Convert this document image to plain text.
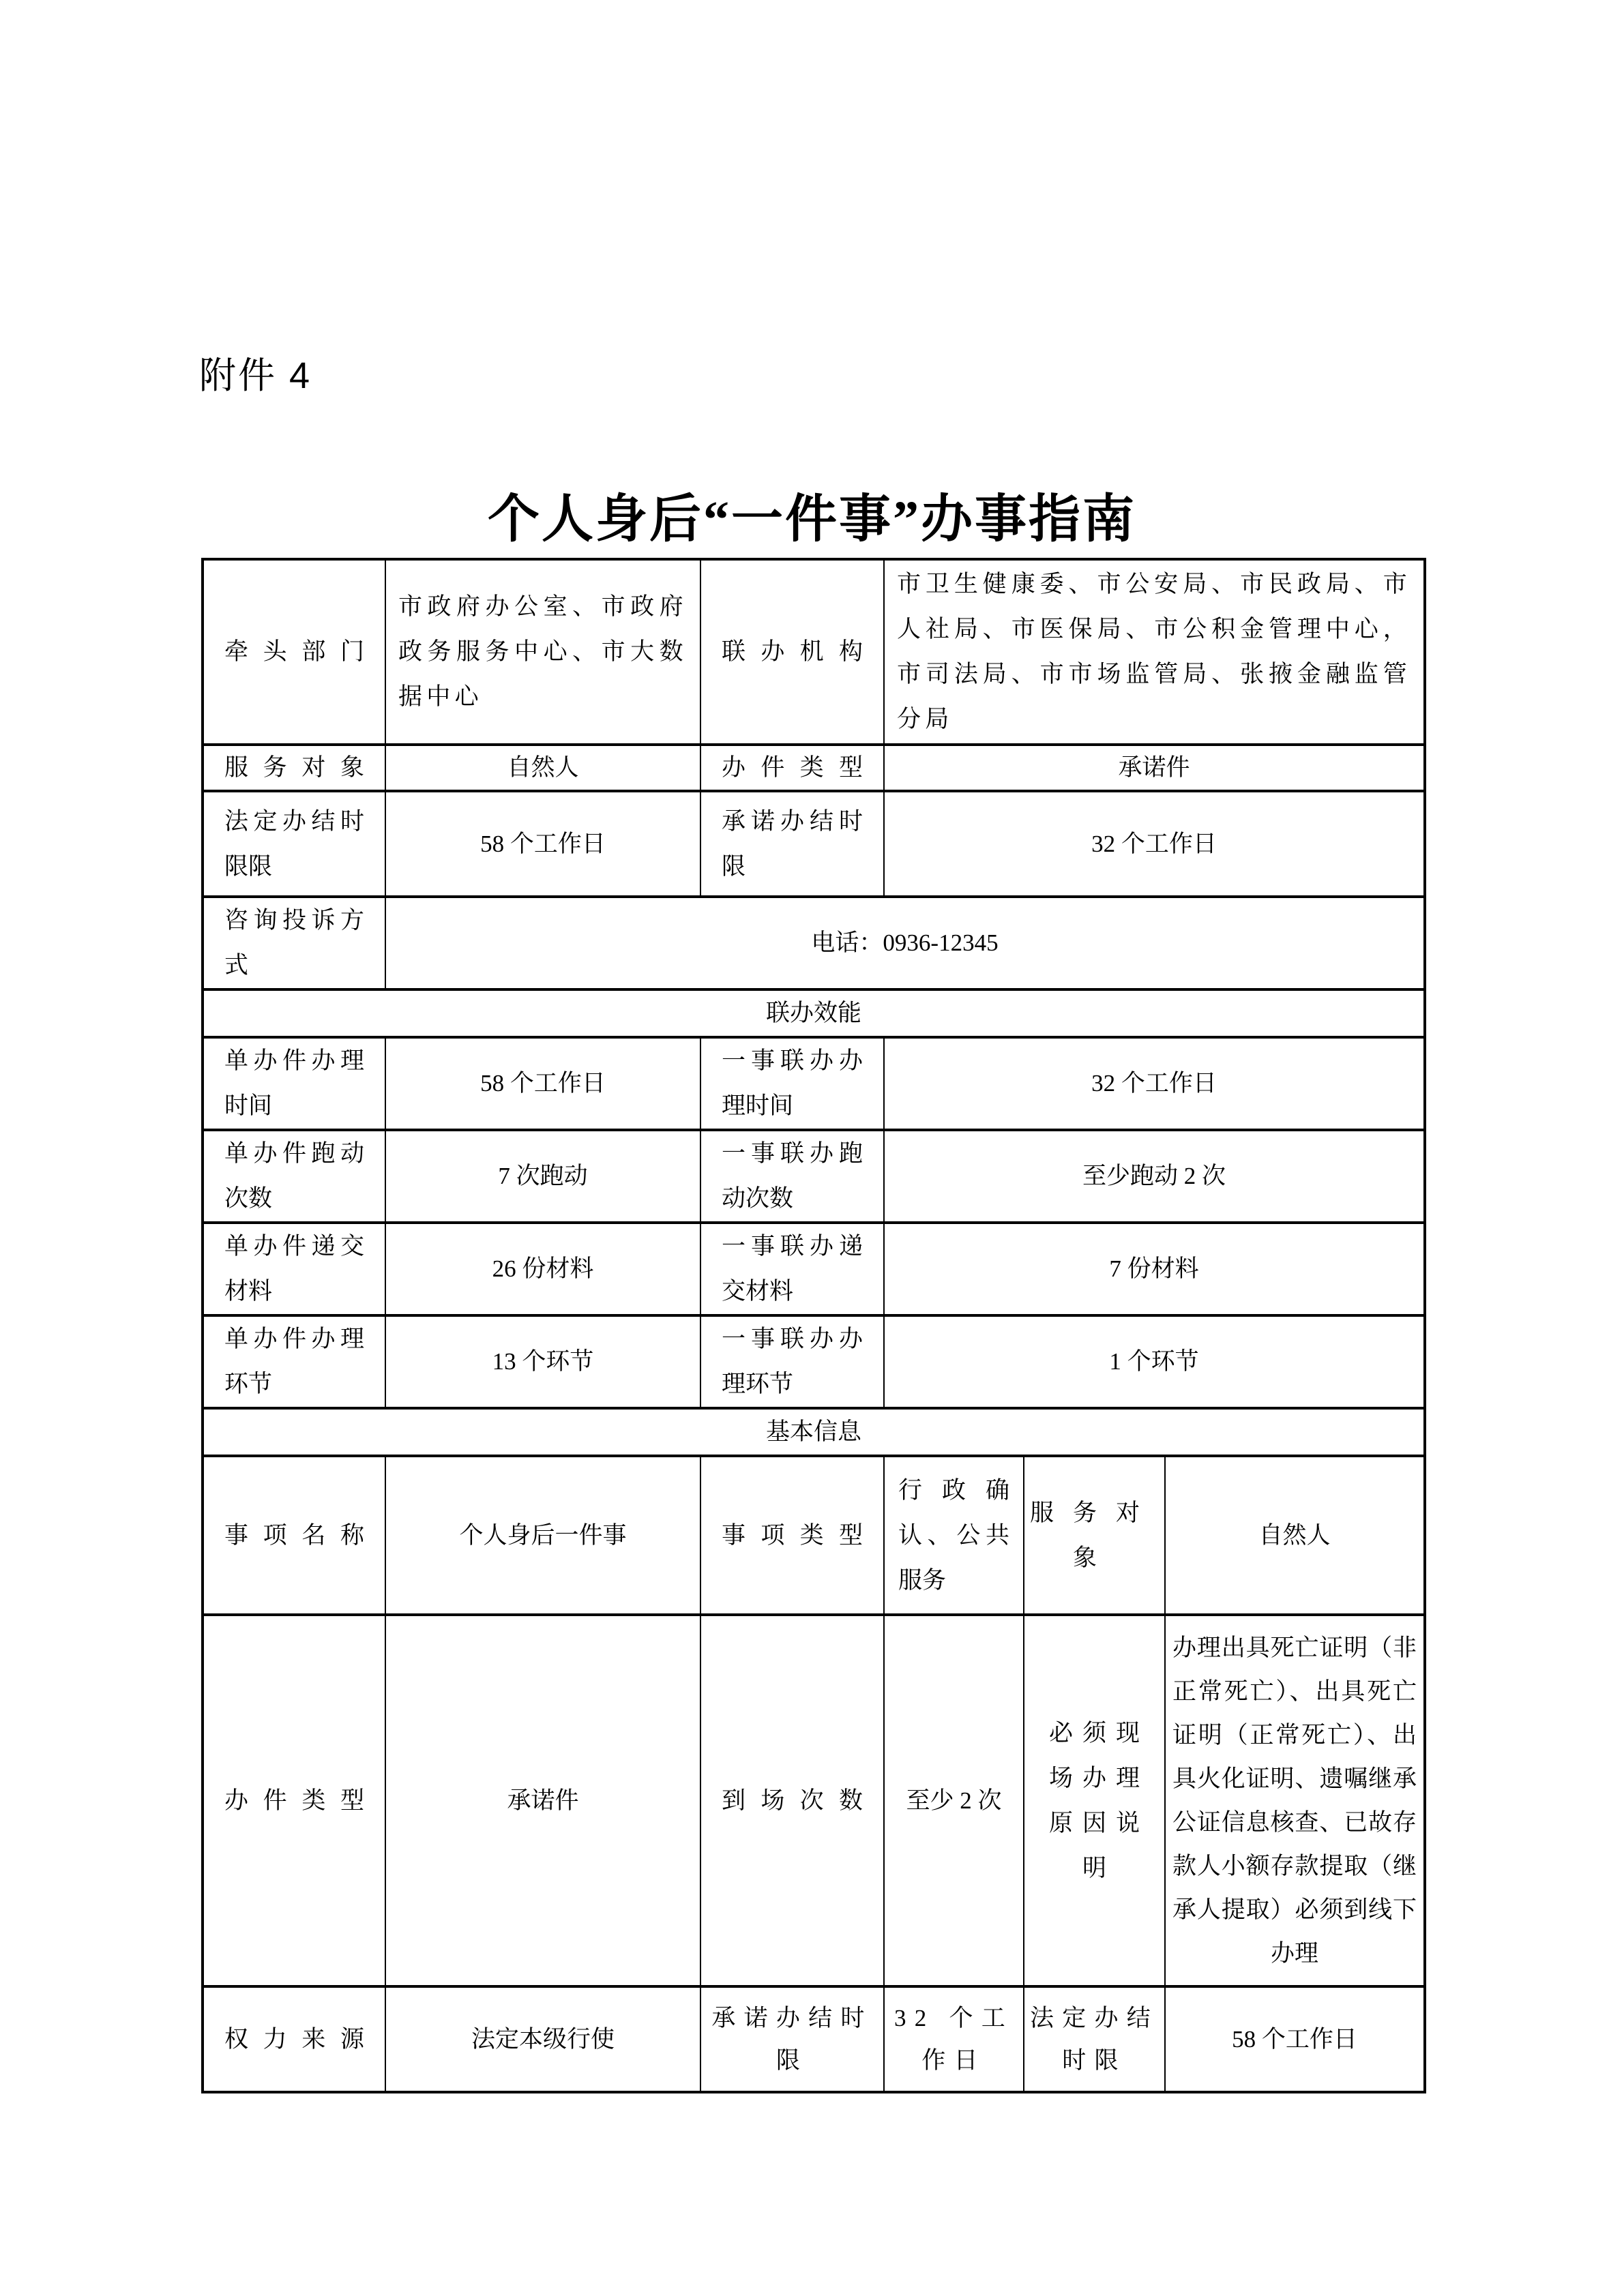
附件 4
个人身后“一件事”办事指南
牵头部门	市政府办公室、市政府政务服务中心、市大数据中心	联办机构	市卫生健康委、市公安局、市民政局、市人社局、市医保局、市公积金管理中心，市司法局、市市场监管局、张掖金融监管分局		
服务对象	自然人	办件类型	承诺件		
法定办结时限限	58 个工作日	承诺办结时限	32 个工作日		
咨询投诉方式	电话：0936-12345				
联办效能					
单办件办理时间	58 个工作日	一事联办办理时间	32 个工作日		
单办件跑动次数	7 次跑动	一事联办跑动次数	至少跑动 2 次		
单办件递交材料	26 份材料	一事联办递交材料	7 份材料		
单办件办理环节	13 个环节	一事联办办理环节	1 个环节		
基本信息					
事项名称	个人身后一件事	事项类型	行政确认、公共服务	服务对象	自然人
办件类型	承诺件	到场次数	至少 2 次	必须现场办理原因说明	办理出具死亡证明（非正常死亡）、出具死亡证明（正常死亡）、出具火化证明、遗嘱继承公证信息核查、已故存款人小额存款提取（继承人提取）必须到线下办理
权力来源	法定本级行使	承诺办结时限	32 个工作日	法定办结时限	58 个工作日
